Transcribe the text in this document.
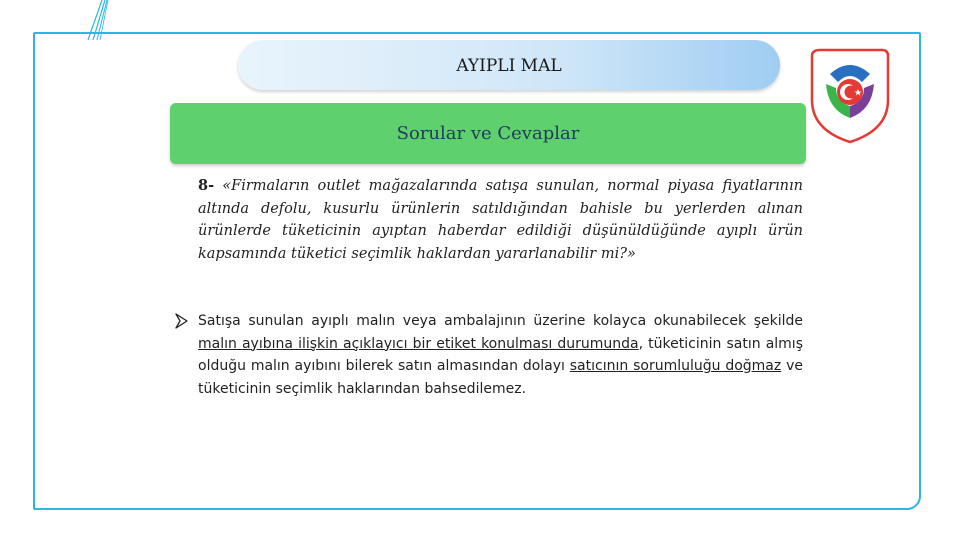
AYIPLI MAL
Sorular ve Cevaplar
8- «Firmaların outlet mağazalarında satışa sunulan, normal piyasa fiyatlarının altında defolu, kusurlu ürünlerin satıldığından bahisle bu yerlerden alınan ürünlerde tüketicinin ayıptan haberdar edildiği düşünüldüğünde ayıplı ürün kapsamında tüketici seçimlik haklardan yararlanabilir mi?»
Satışa sunulan ayıplı malın veya ambalajının üzerine kolayca okunabilecek şekilde malın ayıbına ilişkin açıklayıcı bir etiket konulması durumunda, tüketicinin satın almış olduğu malın ayıbını bilerek satın almasından dolayı satıcının sorumluluğu doğmaz ve tüketicinin seçimlik haklarından bahsedilemez.
